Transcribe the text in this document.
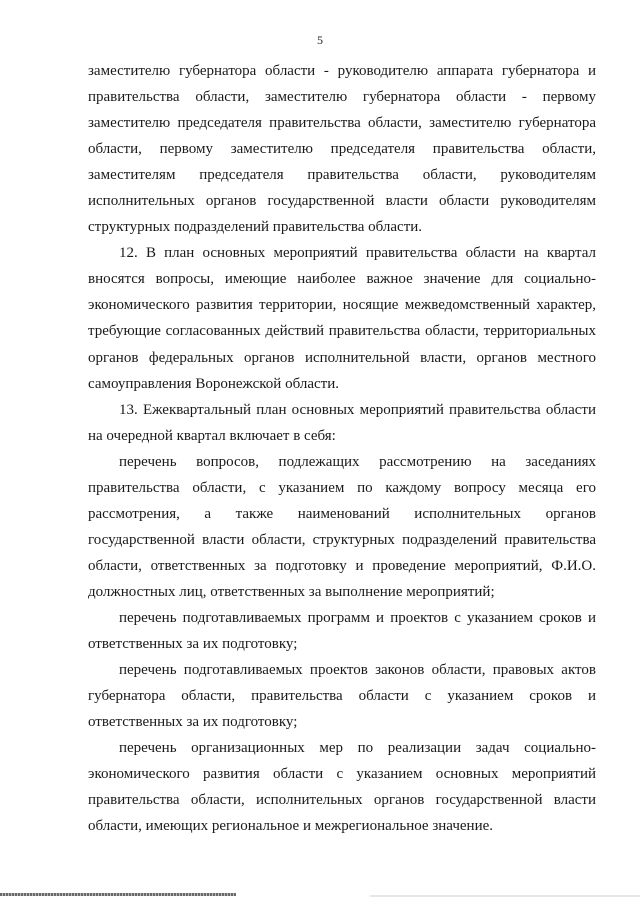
5

заместителю губернатора области - руководителю аппарата губернатора и правительства области, заместителю губернатора области - первому заместителю председателя правительства области, заместителю губернатора области, первому заместителю председателя правительства области, заместителям председателя правительства области, руководителям исполнительных органов государственной власти области руководителям структурных подразделений правительства области.

12. В план основных мероприятий правительства области на квартал вносятся вопросы, имеющие наиболее важное значение для социально-экономического развития территории, носящие межведомственный характер, требующие согласованных действий правительства области, территориальных органов федеральных органов исполнительной власти, органов местного самоуправления Воронежской области.

13. Ежеквартальный план основных мероприятий правительства области на очередной квартал включает в себя:

перечень вопросов, подлежащих рассмотрению на заседаниях правительства области, с указанием по каждому вопросу месяца его рассмотрения, а также наименований исполнительных органов государственной власти области, структурных подразделений правительства области, ответственных за подготовку и проведение мероприятий, Ф.И.О. должностных лиц, ответственных за выполнение мероприятий;

перечень подготавливаемых программ и проектов с указанием сроков и ответственных за их подготовку;

перечень подготавливаемых проектов законов области, правовых актов губернатора области, правительства области с указанием сроков и ответственных за их подготовку;

перечень организационных мер по реализации задач социально-экономического развития области с указанием основных мероприятий правительства области, исполнительных органов государственной власти области, имеющих региональное и межрегиональное значение.
